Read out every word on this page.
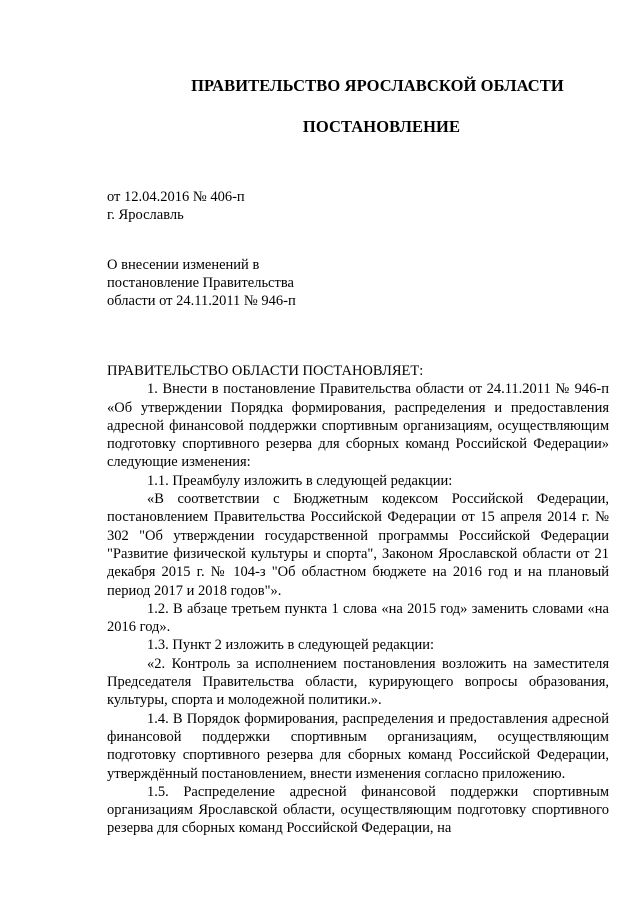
ПРАВИТЕЛЬСТВО ЯРОСЛАВСКОЙ ОБЛАСТИ
ПОСТАНОВЛЕНИЕ
от 12.04.2016 № 406-п
г. Ярославль
О внесении изменений в
постановление Правительства
области от 24.11.2011 № 946-п

ПРАВИТЕЛЬСТВО ОБЛАСТИ ПОСТАНОВЛЯЕТ:

1. Внести в постановление Правительства области от 24.11.2011 № 946-п «Об утверждении Порядка формирования, распределения и предоставления адресной финансовой поддержки спортивным организациям, осуществляющим подготовку спортивного резерва для сборных команд Российской Федерации» следующие изменения:

1.1. Преамбулу изложить в следующей редакции:

«В соответствии с Бюджетным кодексом Российской Федерации, постановлением Правительства Российской Федерации от 15 апреля 2014 г. № 302 "Об утверждении государственной программы Российской Федерации "Развитие физической культуры и спорта", Законом Ярославской области от 21 декабря 2015 г. № 104-з "Об областном бюджете на 2016 год и на плановый период 2017 и 2018 годов"».

1.2. В абзаце третьем пункта 1 слова «на 2015 год» заменить словами «на 2016 год».

1.3. Пункт 2 изложить в следующей редакции:

«2. Контроль за исполнением постановления возложить на заместителя Председателя Правительства области, курирующего вопросы образования, культуры, спорта и молодежной политики.».

1.4. В Порядок формирования, распределения и предоставления адресной финансовой поддержки спортивным организациям, осуществляющим подготовку спортивного резерва для сборных команд Российской Федерации, утверждённый постановлением, внести изменения согласно приложению.

1.5. Распределение адресной финансовой поддержки спортивным организациям Ярославской области, осуществляющим подготовку спортивного резерва для сборных команд Российской Федерации, на
